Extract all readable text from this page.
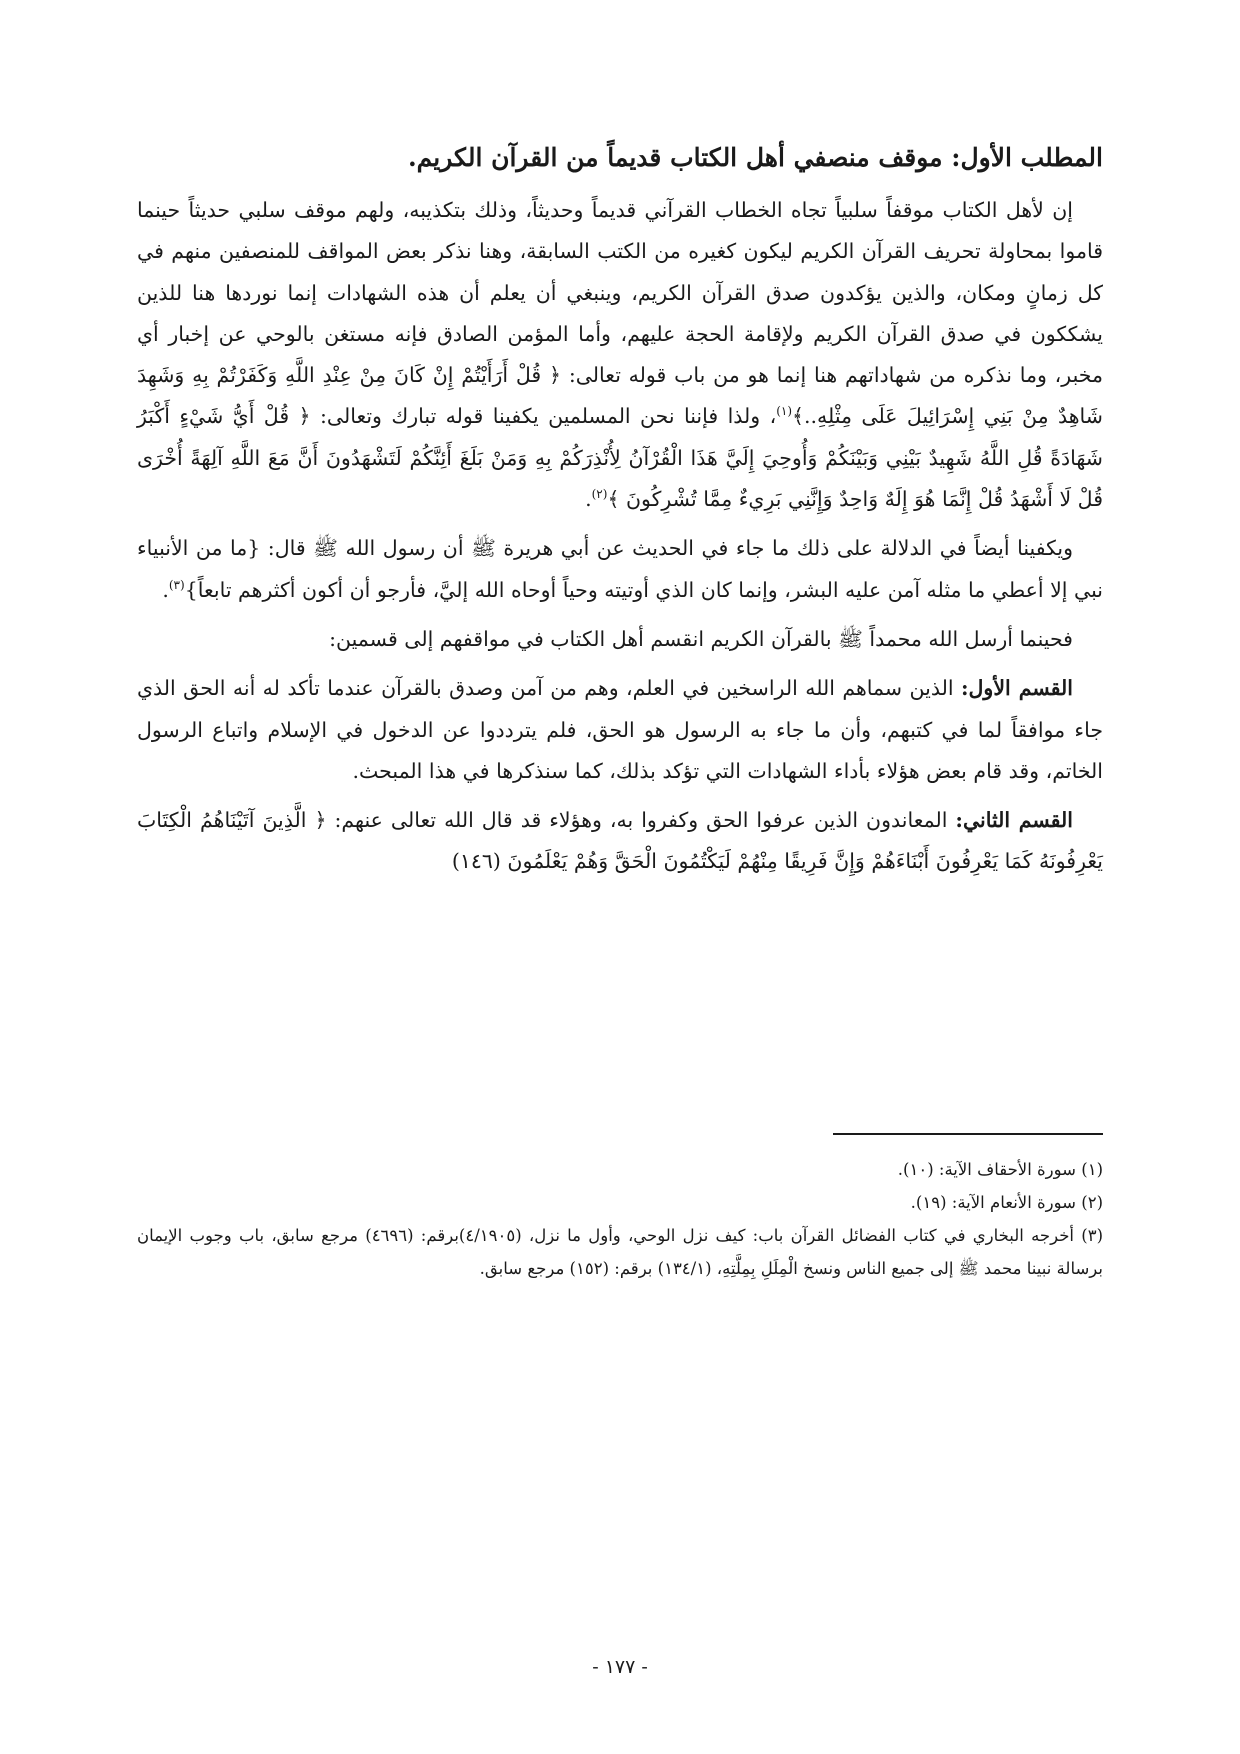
المطلب الأول: موقف منصفي أهل الكتاب قديماً من القرآن الكريم.

إن لأهل الكتاب موقفاً سلبياً تجاه الخطاب القرآني قديماً وحديثاً، وذلك بتكذيبه، ولهم موقف سلبي حديثاً حينما قاموا بمحاولة تحريف القرآن الكريم ليكون كغيره من الكتب السابقة، وهنا نذكر بعض المواقف للمنصفين منهم في كل زمانٍ ومكان، والذين يؤكدون صدق القرآن الكريم، وينبغي أن يعلم أن هذه الشهادات إنما نوردها هنا للذين يشككون في صدق القرآن الكريم ولإقامة الحجة عليهم، وأما المؤمن الصادق فإنه مستغن بالوحي عن إخبار أي مخبر، وما نذكره من شهاداتهم هنا إنما هو من باب قوله تعالى: ﴿ قُلْ أَرَأَيْتُمْ إِنْ كَانَ مِنْ عِنْدِ اللَّهِ وَكَفَرْتُمْ بِهِ وَشَهِدَ شَاهِدٌ مِنْ بَنِي إِسْرَائِيلَ عَلَى مِثْلِهِ..﴾$^{(١)}$، ولذا فإننا نحن المسلمين يكفينا قوله تبارك وتعالى: ﴿ قُلْ أَيُّ شَيْءٍ أَكْبَرُ شَهَادَةً قُلِ اللَّهُ شَهِيدٌ بَيْنِي وَبَيْنَكُمْ وَأُوحِيَ إِلَيَّ هَذَا الْقُرْآنُ لِأُنْذِرَكُمْ بِهِ وَمَنْ بَلَغَ أَئِنَّكُمْ لَتَشْهَدُونَ أَنَّ مَعَ اللَّهِ آلِهَةً أُخْرَى قُلْ لَا أَشْهَدُ قُلْ إِنَّمَا هُوَ إِلَهٌ وَاحِدٌ وَإِنَّنِي بَرِيءٌ مِمَّا تُشْرِكُونَ ﴾$^{(٢)}$.

ويكفينا أيضاً في الدلالة على ذلك ما جاء في الحديث عن أبي هريرة ﷺ أن رسول الله ﷺ قال: {ما من الأنبياء نبي إلا أعطي ما مثله آمن عليه البشر، وإنما كان الذي أوتيته وحياً أوحاه الله إليَّ، فأرجو أن أكون أكثرهم تابعاً}$^{(٣)}$.

فحينما أرسل الله محمداً ﷺ بالقرآن الكريم انقسم أهل الكتاب في مواقفهم إلى قسمين:

القسم الأول: الذين سماهم الله الراسخين في العلم، وهم من آمن وصدق بالقرآن عندما تأكد له أنه الحق الذي جاء موافقاً لما في كتبهم، وأن ما جاء به الرسول هو الحق، فلم يترددوا عن الدخول في الإسلام واتباع الرسول الخاتم، وقد قام بعض هؤلاء بأداء الشهادات التي تؤكد بذلك، كما سنذكرها في هذا المبحث.

القسم الثاني: المعاندون الذين عرفوا الحق وكفروا به، وهؤلاء قد قال الله تعالى عنهم: ﴿ الَّذِينَ آتَيْنَاهُمُ الْكِتَابَ يَعْرِفُونَهُ كَمَا يَعْرِفُونَ أَبْنَاءَهُمْ وَإِنَّ فَرِيقًا مِنْهُمْ لَيَكْتُمُونَ الْحَقَّ وَهُمْ يَعْلَمُونَ (١٤٦)

(١) سورة الأحقاف الآية: (١٠).

(٢) سورة الأنعام الآية: (١٩).

(٣) أخرجه البخاري في كتاب الفضائل القرآن باب: كيف نزل الوحي، وأول ما نزل، (٤/١٩٠٥)برقم: (٤٦٩٦) مرجع سابق، باب وجوب الإيمان برسالة نبينا محمد ﷺ إلى جميع الناس ونسخ الْمِلَلِ بِمِلَّتِهِ، (١٣٤/١) برقم: (١٥٢) مرجع سابق.

- ١٧٧ -
